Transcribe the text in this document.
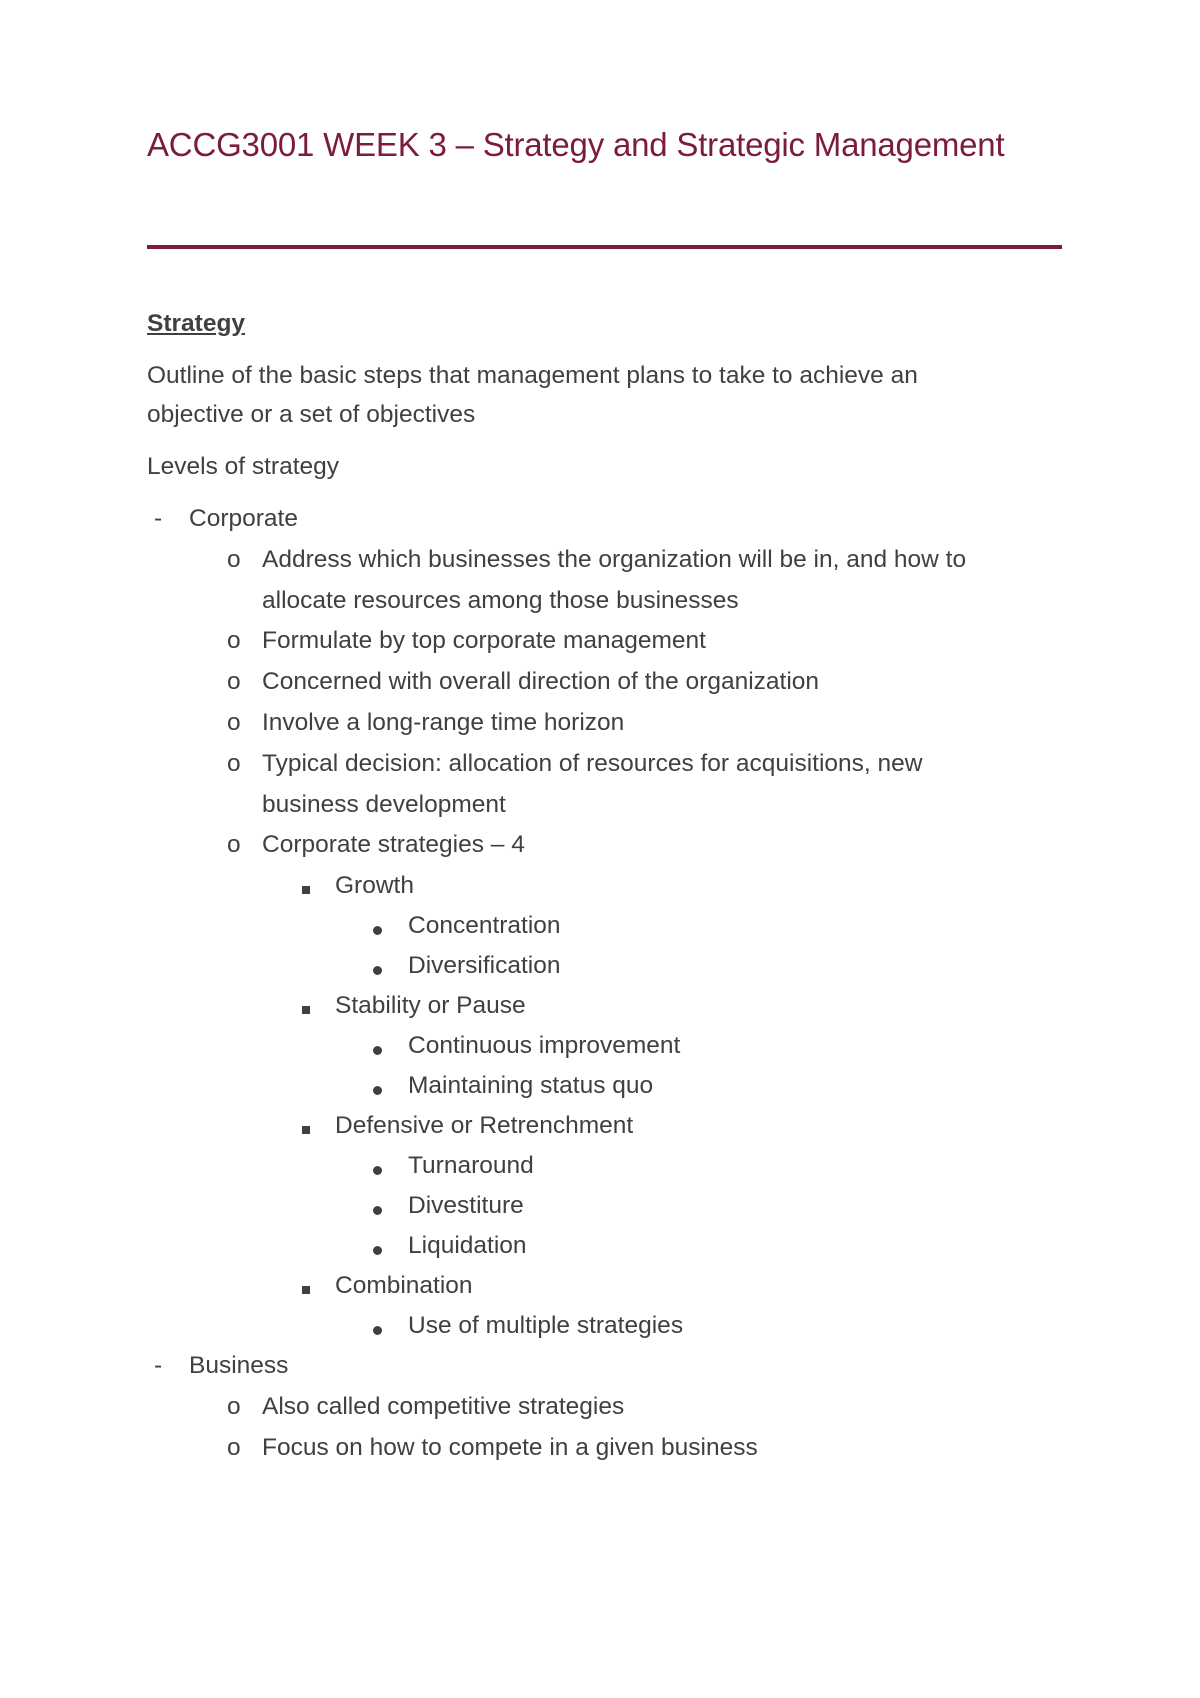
ACCG3001 WEEK 3 – Strategy and Strategic Management
Strategy
Outline of the basic steps that management plans to take to achieve an
objective or a set of objectives
Levels of strategy
- Corporate
o Address which businesses the organization will be in, and how to
allocate resources among those businesses
o Formulate by top corporate management
o Concerned with overall direction of the organization
o Involve a long-range time horizon
o Typical decision: allocation of resources for acquisitions, new
business development
o Corporate strategies – 4
Growth
Concentration
Diversification
Stability or Pause
Continuous improvement
Maintaining status quo
Defensive or Retrenchment
Turnaround
Divestiture
Liquidation
Combination
Use of multiple strategies
- Business
o Also called competitive strategies
o Focus on how to compete in a given business
